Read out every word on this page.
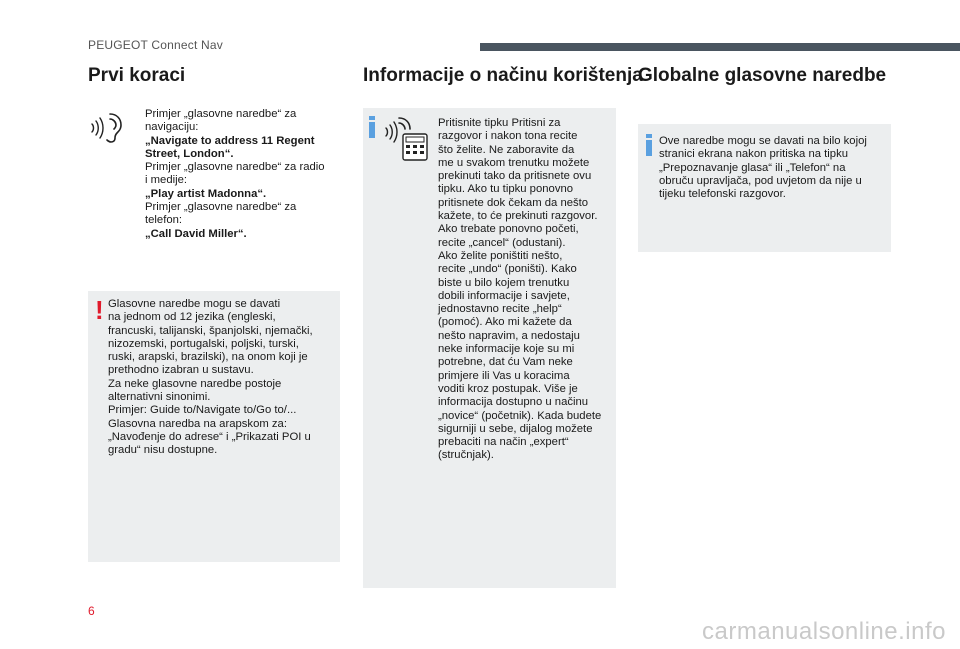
PEUGEOT Connect Nav
Prvi koraci

Primjer „glasovne naredbe“ za

navigaciju:

„Navigate to address 11 Regent

Street, London“.

Primjer „glasovne naredbe“ za radio

i medije:

„Play artist Madonna“.

Primjer „glasovne naredbe“ za

telefon:

„Call David Miller“.

! Glasovne naredbe mogu se davati

na jednom od 12 jezika (engleski,

francuski, talijanski, španjolski, njemački,

nizozemski, portugalski, poljski, turski,

ruski, arapski, brazilski), na onom koji je

prethodno izabran u sustavu.

Za neke glasovne naredbe postoje

alternativni sinonimi.

Primjer: Guide to/Navigate to/Go to/...

Glasovna naredba na arapskom za:

„Navođenje do adrese“ i „Prikazati POI u

gradu“ nisu dostupne.

Informacije o načinu korištenja

Pritisnite tipku Pritisni za

razgovor i nakon tona recite

što želite. Ne zaboravite da

me u svakom trenutku možete

prekinuti tako da pritisnete ovu

tipku. Ako tu tipku ponovno

pritisnete dok čekam da nešto

kažete, to će prekinuti razgovor.

Ako trebate ponovno početi,

recite „cancel“ (odustani).

Ako želite poništiti nešto,

recite „undo“ (poništi). Kako

biste u bilo kojem trenutku

dobili informacije i savjete,

jednostavno recite „help“

(pomoć). Ako mi kažete da

nešto napravim, a nedostaju

neke informacije koje su mi

potrebne, dat ću Vam neke

primjere ili Vas u koracima

voditi kroz postupak. Više je

informacija dostupno u načinu

„novice“ (početnik). Kada budete

sigurniji u sebe, dijalog možete

prebaciti na način „expert“

(stručnjak).

Globalne glasovne naredbe

Ove naredbe mogu se davati na bilo kojoj

stranici ekrana nakon pritiska na tipku

„Prepoznavanje glasa“ ili „Telefon“ na

obruču upravljača, pod uvjetom da nije u

tijeku telefonski razgovor.

6
carmanualsonline.info
